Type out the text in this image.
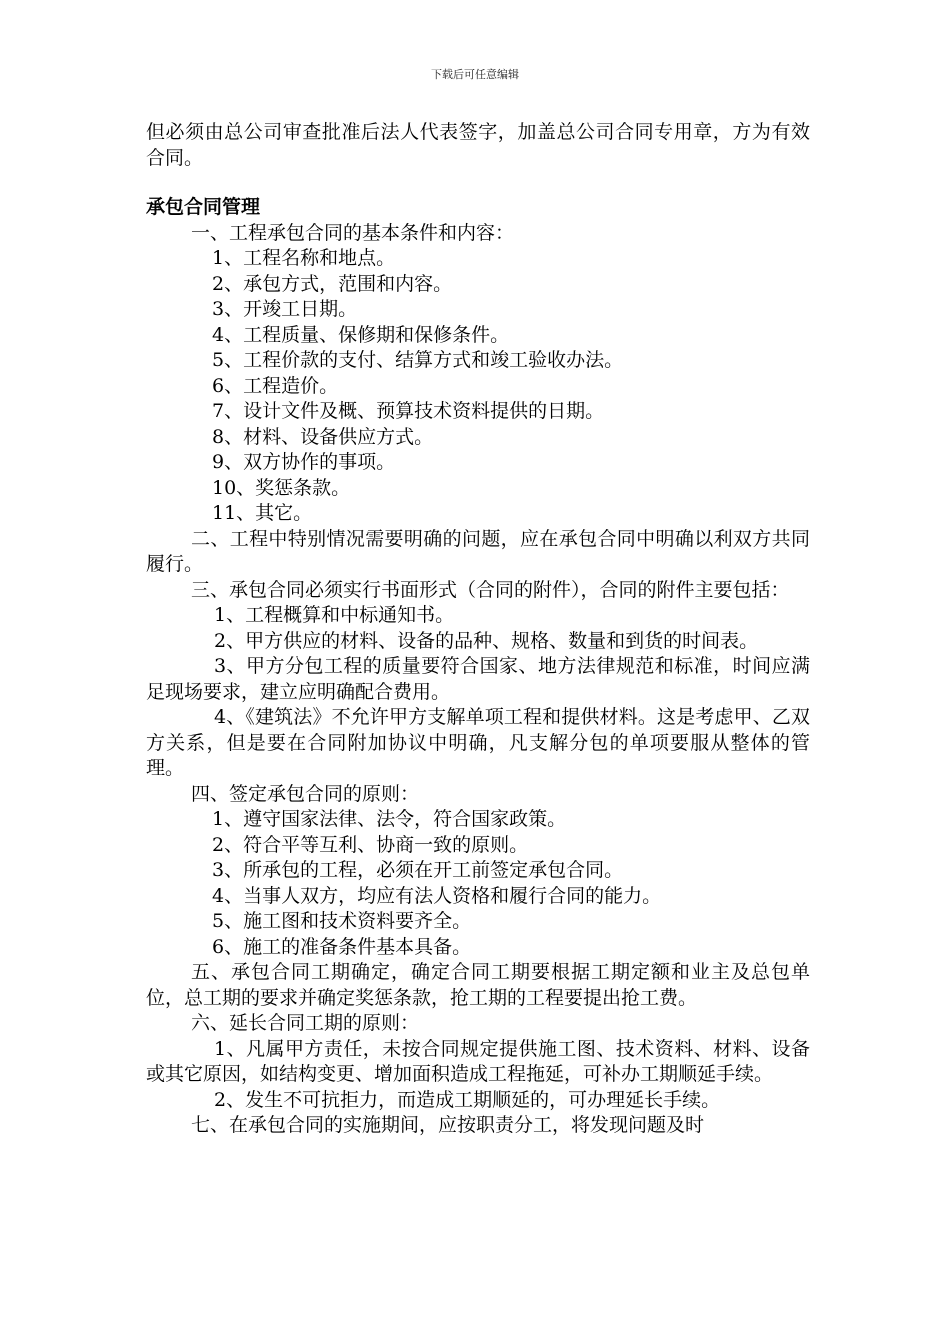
下载后可任意编辑

但必须由总公司审查批准后法人代表签字，加盖总公司合同专用章，方为有效合同。

承包合同管理

一、工程承包合同的基本条件和内容：

1、工程名称和地点。

2、承包方式，范围和内容。

3、开竣工日期。

4、工程质量、保修期和保修条件。

5、工程价款的支付、结算方式和竣工验收办法。

6、工程造价。

7、设计文件及概、预算技术资料提供的日期。

8、材料、设备供应方式。

9、双方协作的事项。

10、奖惩条款。

11、其它。

二、工程中特别情况需要明确的问题，应在承包合同中明确以利双方共同履行。

三、承包合同必须实行书面形式（合同的附件），合同的附件主要包括：

1、工程概算和中标通知书。

2、甲方供应的材料、设备的品种、规格、数量和到货的时间表。

3、甲方分包工程的质量要符合国家、地方法律规范和标准，时间应满足现场要求，建立应明确配合费用。

4、《建筑法》不允许甲方支解单项工程和提供材料。这是考虑甲、乙双方关系，但是要在合同附加协议中明确，凡支解分包的单项要服从整体的管理。

四、签定承包合同的原则：

1、遵守国家法律、法令，符合国家政策。

2、符合平等互利、协商一致的原则。

3、所承包的工程，必须在开工前签定承包合同。

4、当事人双方，均应有法人资格和履行合同的能力。

5、施工图和技术资料要齐全。

6、施工的准备条件基本具备。

五、承包合同工期确定，确定合同工期要根据工期定额和业主及总包单位，总工期的要求并确定奖惩条款，抢工期的工程要提出抢工费。

六、延长合同工期的原则：

1、凡属甲方责任，未按合同规定提供施工图、技术资料、材料、设备或其它原因，如结构变更、增加面积造成工程拖延，可补办工期顺延手续。

2、发生不可抗拒力，而造成工期顺延的，可办理延长手续。

七、在承包合同的实施期间，应按职责分工，将发现问题及时
